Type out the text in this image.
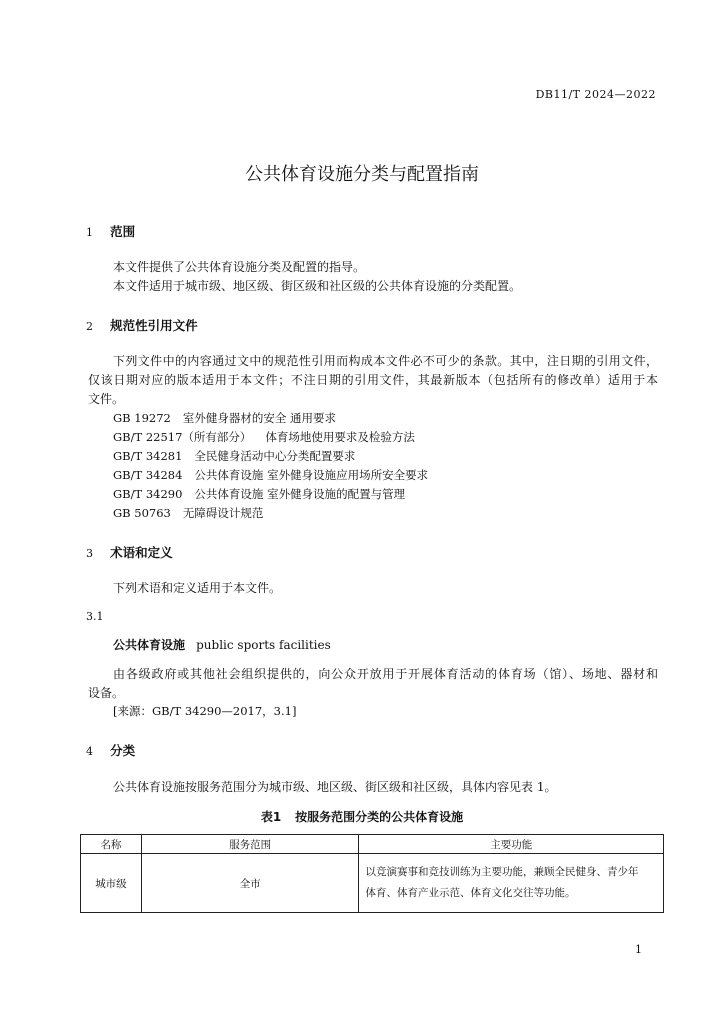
DB11/T 2024—2022
公共体育设施分类与配置指南
1 范围
本文件提供了公共体育设施分类及配置的指导。
本文件适用于城市级、地区级、街区级和社区级的公共体育设施的分类配置。
2 规范性引用文件
下列文件中的内容通过文中的规范性引用而构成本文件必不可少的条款。其中，注日期的引用文件，
仅该日期对应的版本适用于本文件；不注日期的引用文件，其最新版本（包括所有的修改单）适用于本
文件。
GB 19272 室外健身器材的安全 通用要求
GB/T 22517（所有部分） 体育场地使用要求及检验方法
GB/T 34281 全民健身活动中心分类配置要求
GB/T 34284 公共体育设施 室外健身设施应用场所安全要求
GB/T 34290 公共体育设施 室外健身设施的配置与管理
GB 50763 无障碍设计规范
3 术语和定义
下列术语和定义适用于本文件。
3.1
公共体育设施 public sports facilities
由各级政府或其他社会组织提供的，向公众开放用于开展体育活动的体育场（馆）、场地、器材和
设备。
[来源：GB/T 34290—2017，3.1]
4 分类
公共体育设施按服务范围分为城市级、地区级、街区级和社区级，具体内容见表 1。
表1 按服务范围分类的公共体育设施
名称	服务范围	主要功能
城市级	全市	以竞演赛事和竞技训练为主要功能，兼顾全民健身、青少年
体育、体育产业示范、体育文化交往等功能。
1
